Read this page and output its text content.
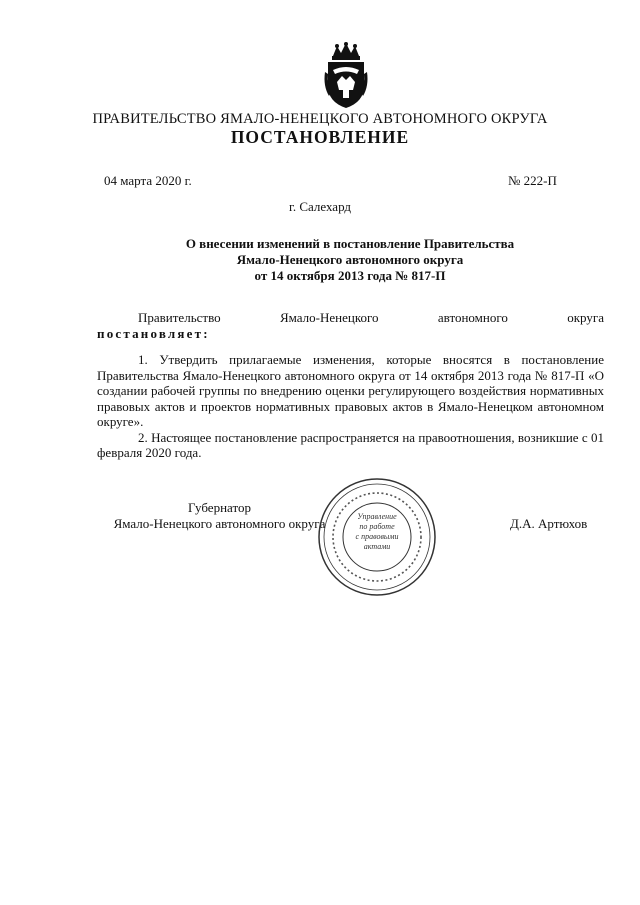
ПРАВИТЕЛЬСТВО ЯМАЛО-НЕНЕЦКОГО АВТОНОМНОГО ОКРУГА
ПОСТАНОВЛЕНИЕ
04 марта 2020 г.	№ 222-П
г. Салехард
О внесении изменений в постановление Правительства
Ямало-Ненецкого автономного округа
от 14 октября 2013 года № 817-П
Правительство	Ямало-Ненецкого	автономного	округа
постановляет:

1. Утвердить прилагаемые изменения, которые вносятся в постановление Правительства Ямало-Ненецкого автономного округа от 14 октября 2013 года № 817-П «О создании рабочей группы по внедрению оценки регулирующего воздействия нормативных правовых актов и проектов нормативных правовых актов в Ямало-Ненецком автономном округе».

2. Настоящее постановление распространяется на правоотношения, возникшие с 01 февраля 2020 года.

Губернатор
Ямало-Ненецкого автономного округа	Управление
по работе
с правовыми
актами
Д.А. Артюхов
